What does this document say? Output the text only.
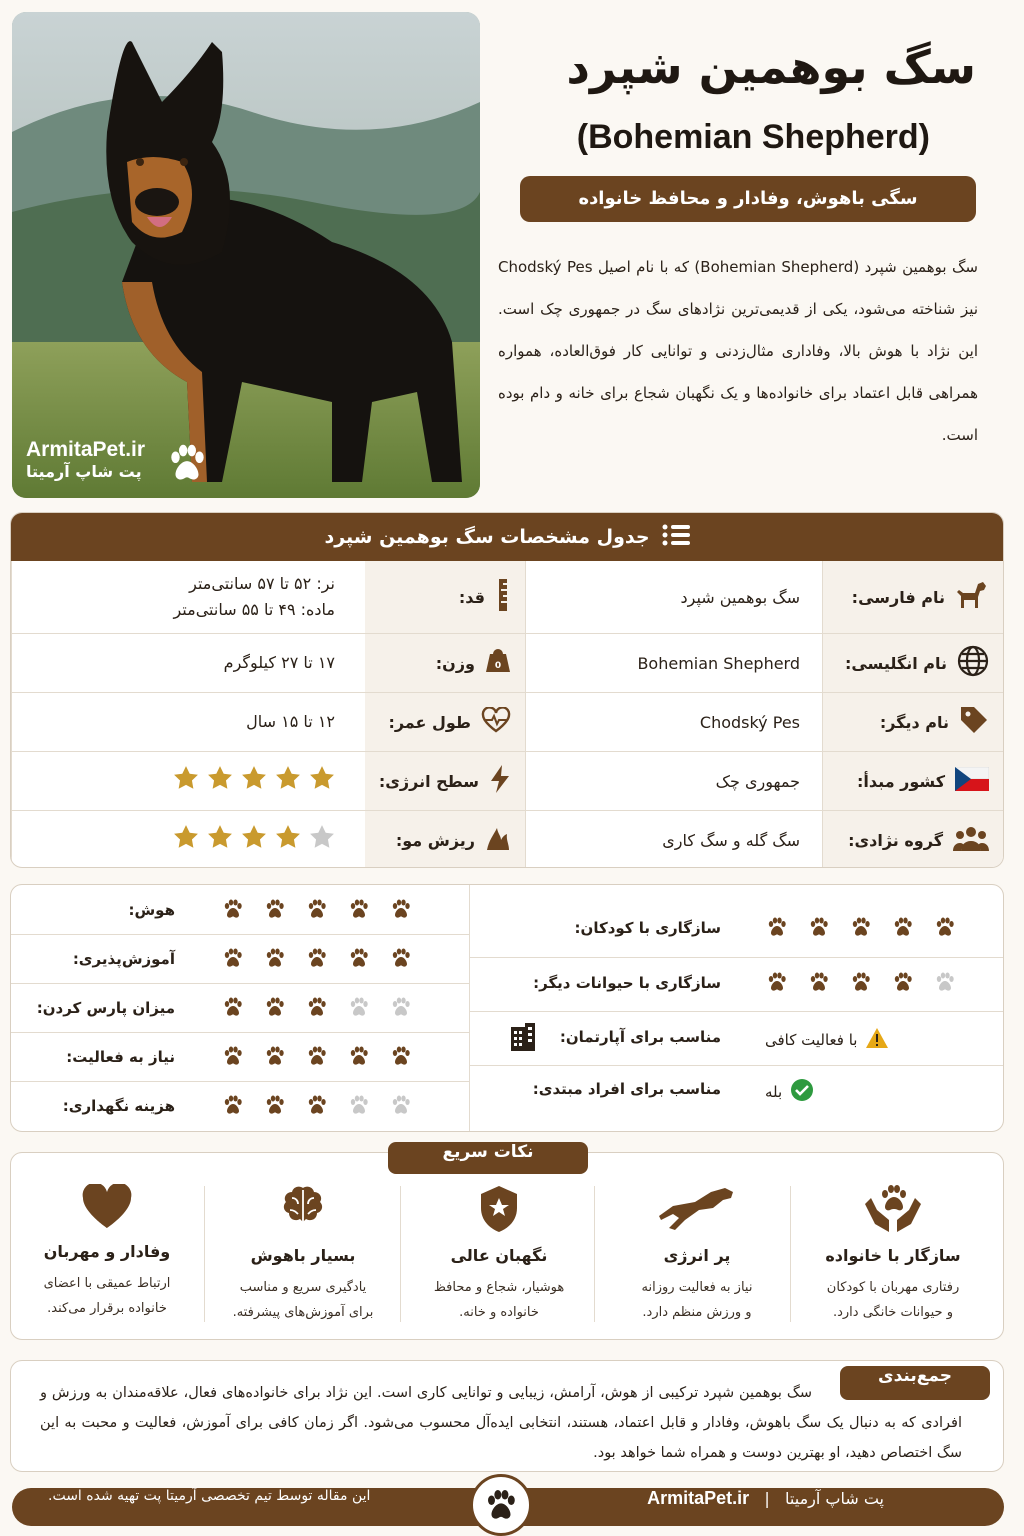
ArmitaPet.ir
پت شاپ آرمیتا
سگ بوهمین شپرد
(Bohemian Shepherd)
سگی باهوش، وفادار و محافظ خانواده

سگ بوهمین شپرد (Bohemian Shepherd) که با نام اصیل Chodský Pes نیز شناخته می‌شود، یکی از قدیمی‌ترین نژادهای سگ در جمهوری چک است. این نژاد با هوش بالا، وفاداری مثال‌زدنی و توانایی کار فوق‌العاده، همواره همراهی قابل اعتماد برای خانواده‌ها و یک نگهبان شجاع برای خانه و دام بوده است.

جدول مشخصات سگ بوهمین شپرد
نام فارسی:
سگ بوهمین شپرد
قد:
نر: ۵۲ تا ۵۷ سانتی‌متر
ماده: ۴۹ تا ۵۵ سانتی‌متر
نام انگلیسی:
Bohemian Shepherd
0
وزن:
۱۷ تا ۲۷ کیلوگرم
نام دیگر:
Chodský Pes
طول عمر:
۱۲ تا ۱۵ سال
کشور مبدأ:
جمهوری چک
سطح انرژی:
گروه نژادی:
سگ گله و سگ کاری
ریزش مو:
هوش:
آموزش‌پذیری:
میزان پارس کردن:
نیاز به فعالیت:
هزینه نگهداری:
سازگاری با کودکان:
سازگاری با حیوانات دیگر:
مناسب برای آپارتمان:
مناسب برای افراد مبتدی:
با فعالیت کافی
بله
نکات سریع
سازگار با خانواده
رفتاری مهربان با کودکان
و حیوانات خانگی دارد.
پر انرژی
نیاز به فعالیت روزانه
و ورزش منظم دارد.
نگهبان عالی
هوشیار، شجاع و محافظ
خانواده و خانه.
بسیار باهوش
یادگیری سریع و مناسب
برای آموزش‌های پیشرفته.
وفادار و مهربان
ارتباط عمیقی با اعضای
خانواده برقرار می‌کند.
جمع‌بندی

سگ بوهمین شپرد ترکیبی از هوش، آرامش، زیبایی و توانایی کاری است. این نژاد برای خانواده‌های فعال، علاقه‌مندان به ورزش و افرادی که به دنبال یک سگ باهوش، وفادار و قابل اعتماد، هستند، انتخابی ایده‌آل محسوب می‌شود. اگر زمان کافی برای آموزش، فعالیت و محبت به این سگ اختصاص دهید، او بهترین دوست و همراه شما خواهد بود.

پت شاپ آرمیتا   |   ArmitaPet.ir
این مقاله توسط تیم تخصصی آرمیتا پت تهیه شده است.
